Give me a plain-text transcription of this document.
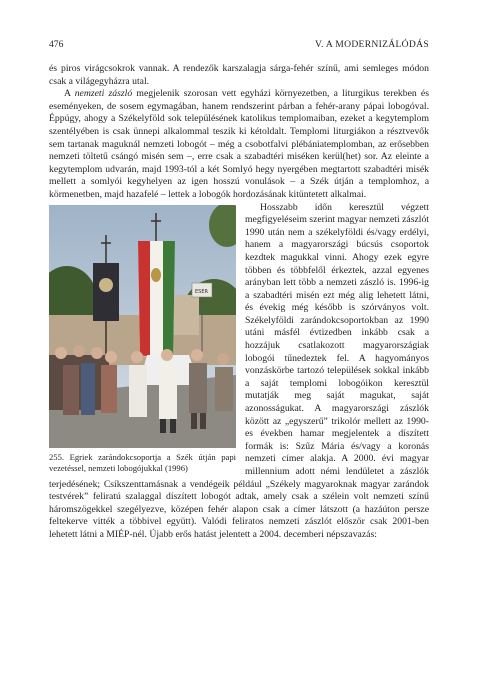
476	V. A MODERNIZÁLÓDÁS

és piros virágcsokrok vannak. A rendezők karszalagja sárga-fehér színű, ami semleges módon csak a világegyházra utal.

A nemzeti zászló megjelenik szorosan vett egyházi környezetben, a liturgikus terekben és eseményeken, de sosem egymagában, hanem rendszerint párban a fehér-arany pápai lobogóval. Éppúgy, ahogy a Székelyföld sok településének katolikus templomaiban, ezeket a kegytemplom szentélyében is csak ünnepi alkalommal teszik ki kétoldalt. Templomi liturgiákon a résztvevők sem tartanak maguknál nemzeti lobogót – még a csobotfalvi plébániatemplomban, az erősebben nemzeti töltetű csángó misén sem –, erre csak a szabadtéri miséken kerül(het) sor. Az eleinte a kegytemplom udvarán, majd 1993-tól a két Somlyó hegy nyergében megtartott szabadtéri misék mellett a somlyói kegyhelyen az igen hosszú vonulások – a Szék útján a templomhoz, a körmenetben, majd hazafelé – lettek a lobogók hordozásának kitüntetett alkalmai.

ESER
255. Egriek zarándokcsoportja a Szék útján papi vezetéssel, nemzeti lobogójukkal (1996)

Hosszabb időn keresztül végzett megfigyeléseim szerint magyar nemzeti zászlót 1990 után nem a székelyföldi és/vagy erdélyi, hanem a magyarországi búcsús csoportok kezdtek magukkal vinni. Ahogy ezek egyre többen és többfelől érkeztek, azzal egyenes arányban lett több a nemzeti zászló is. 1996-ig a szabadtéri misén ezt még alig lehetett látni, és évekig még később is szórványos volt. Székelyföldi zarándokcsoportokban az 1990 utáni másfél évtizedben inkább csak a hozzájuk csatlakozott magyarországiak lobogói tűnedeztek fel. A hagyományos vonzáskörbe tartozó települések sokkal inkább a saját templomi lobogóikon keresztül mutatják meg saját magukat, saját azonosságukat. A magyarországi zászlók között az „egyszerű” trikolór mellett az 1990-es években hamar megjelentek a díszített formák is: Szűz Mária és/vagy a koronás nemzeti címer alakja. A 2000. évi magyar millennium adott némi lendületet a zászlók terjedésének; Csíkszenttamásnak a vendégeik például „Székely magyaroknak magyar zarándok testvérek” feliratú szalaggal díszített lobogót adtak, amely csak a szélein volt nemzeti színű háromszögekkel szegélyezve, középen fehér alapon csak a címer látszott (a hazáúton persze feltekerve vitték a többivel együtt). Valódi feliratos nemzeti zászlót először csak 2001-ben lehetett látni a MIÉP-nél. Újabb erős hatást jelentett a 2004. decemberi népszavazás:
